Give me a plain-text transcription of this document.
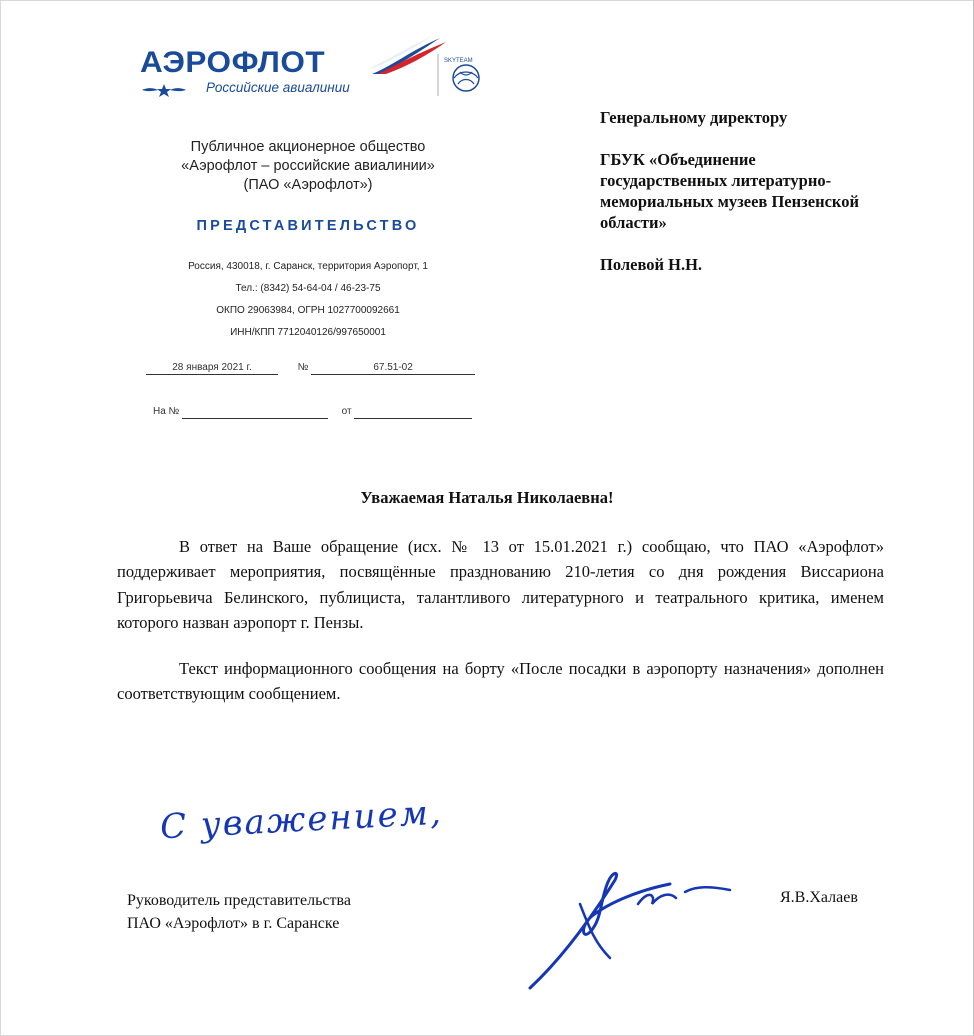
АЭРОФЛОТ
Российские авиалинии
SKYTEAM
Публичное акционерное общество
«Аэрофлот – российские авиалинии»
(ПАО «Аэрофлот»)
ПРЕДСТАВИТЕЛЬСТВО
Россия, 430018, г. Саранск, территория Аэропорт, 1
Тел.: (8342) 54-64-04 / 46-23-75
ОКПО 29063984, ОГРН 1027700092661
ИНН/КПП 7712040126/997650001
28 января 2021 г.	№	67.51-02
На №	от

Генеральному директору

ГБУК «Объединение государственных литературно-мемориальных музеев Пензенской области»

Полевой Н.Н.

Уважаемая Наталья Николаевна!

В ответ на Ваше обращение (исх. № 13 от 15.01.2021 г.) сообщаю, что ПАО «Аэрофлот» поддерживает мероприятия, посвящённые празднованию 210-летия со дня рождения Виссариона Григорьевича Белинского, публициста, талантливого литературного и театрального критика, именем которого назван аэропорт г. Пензы.

Текст информационного сообщения на борту «После посадки в аэропорту назначения» дополнен соответствующим сообщением.

С уважением,
Руководитель представительства
ПАО «Аэрофлот» в г. Саранске
Я.В.Халаев
